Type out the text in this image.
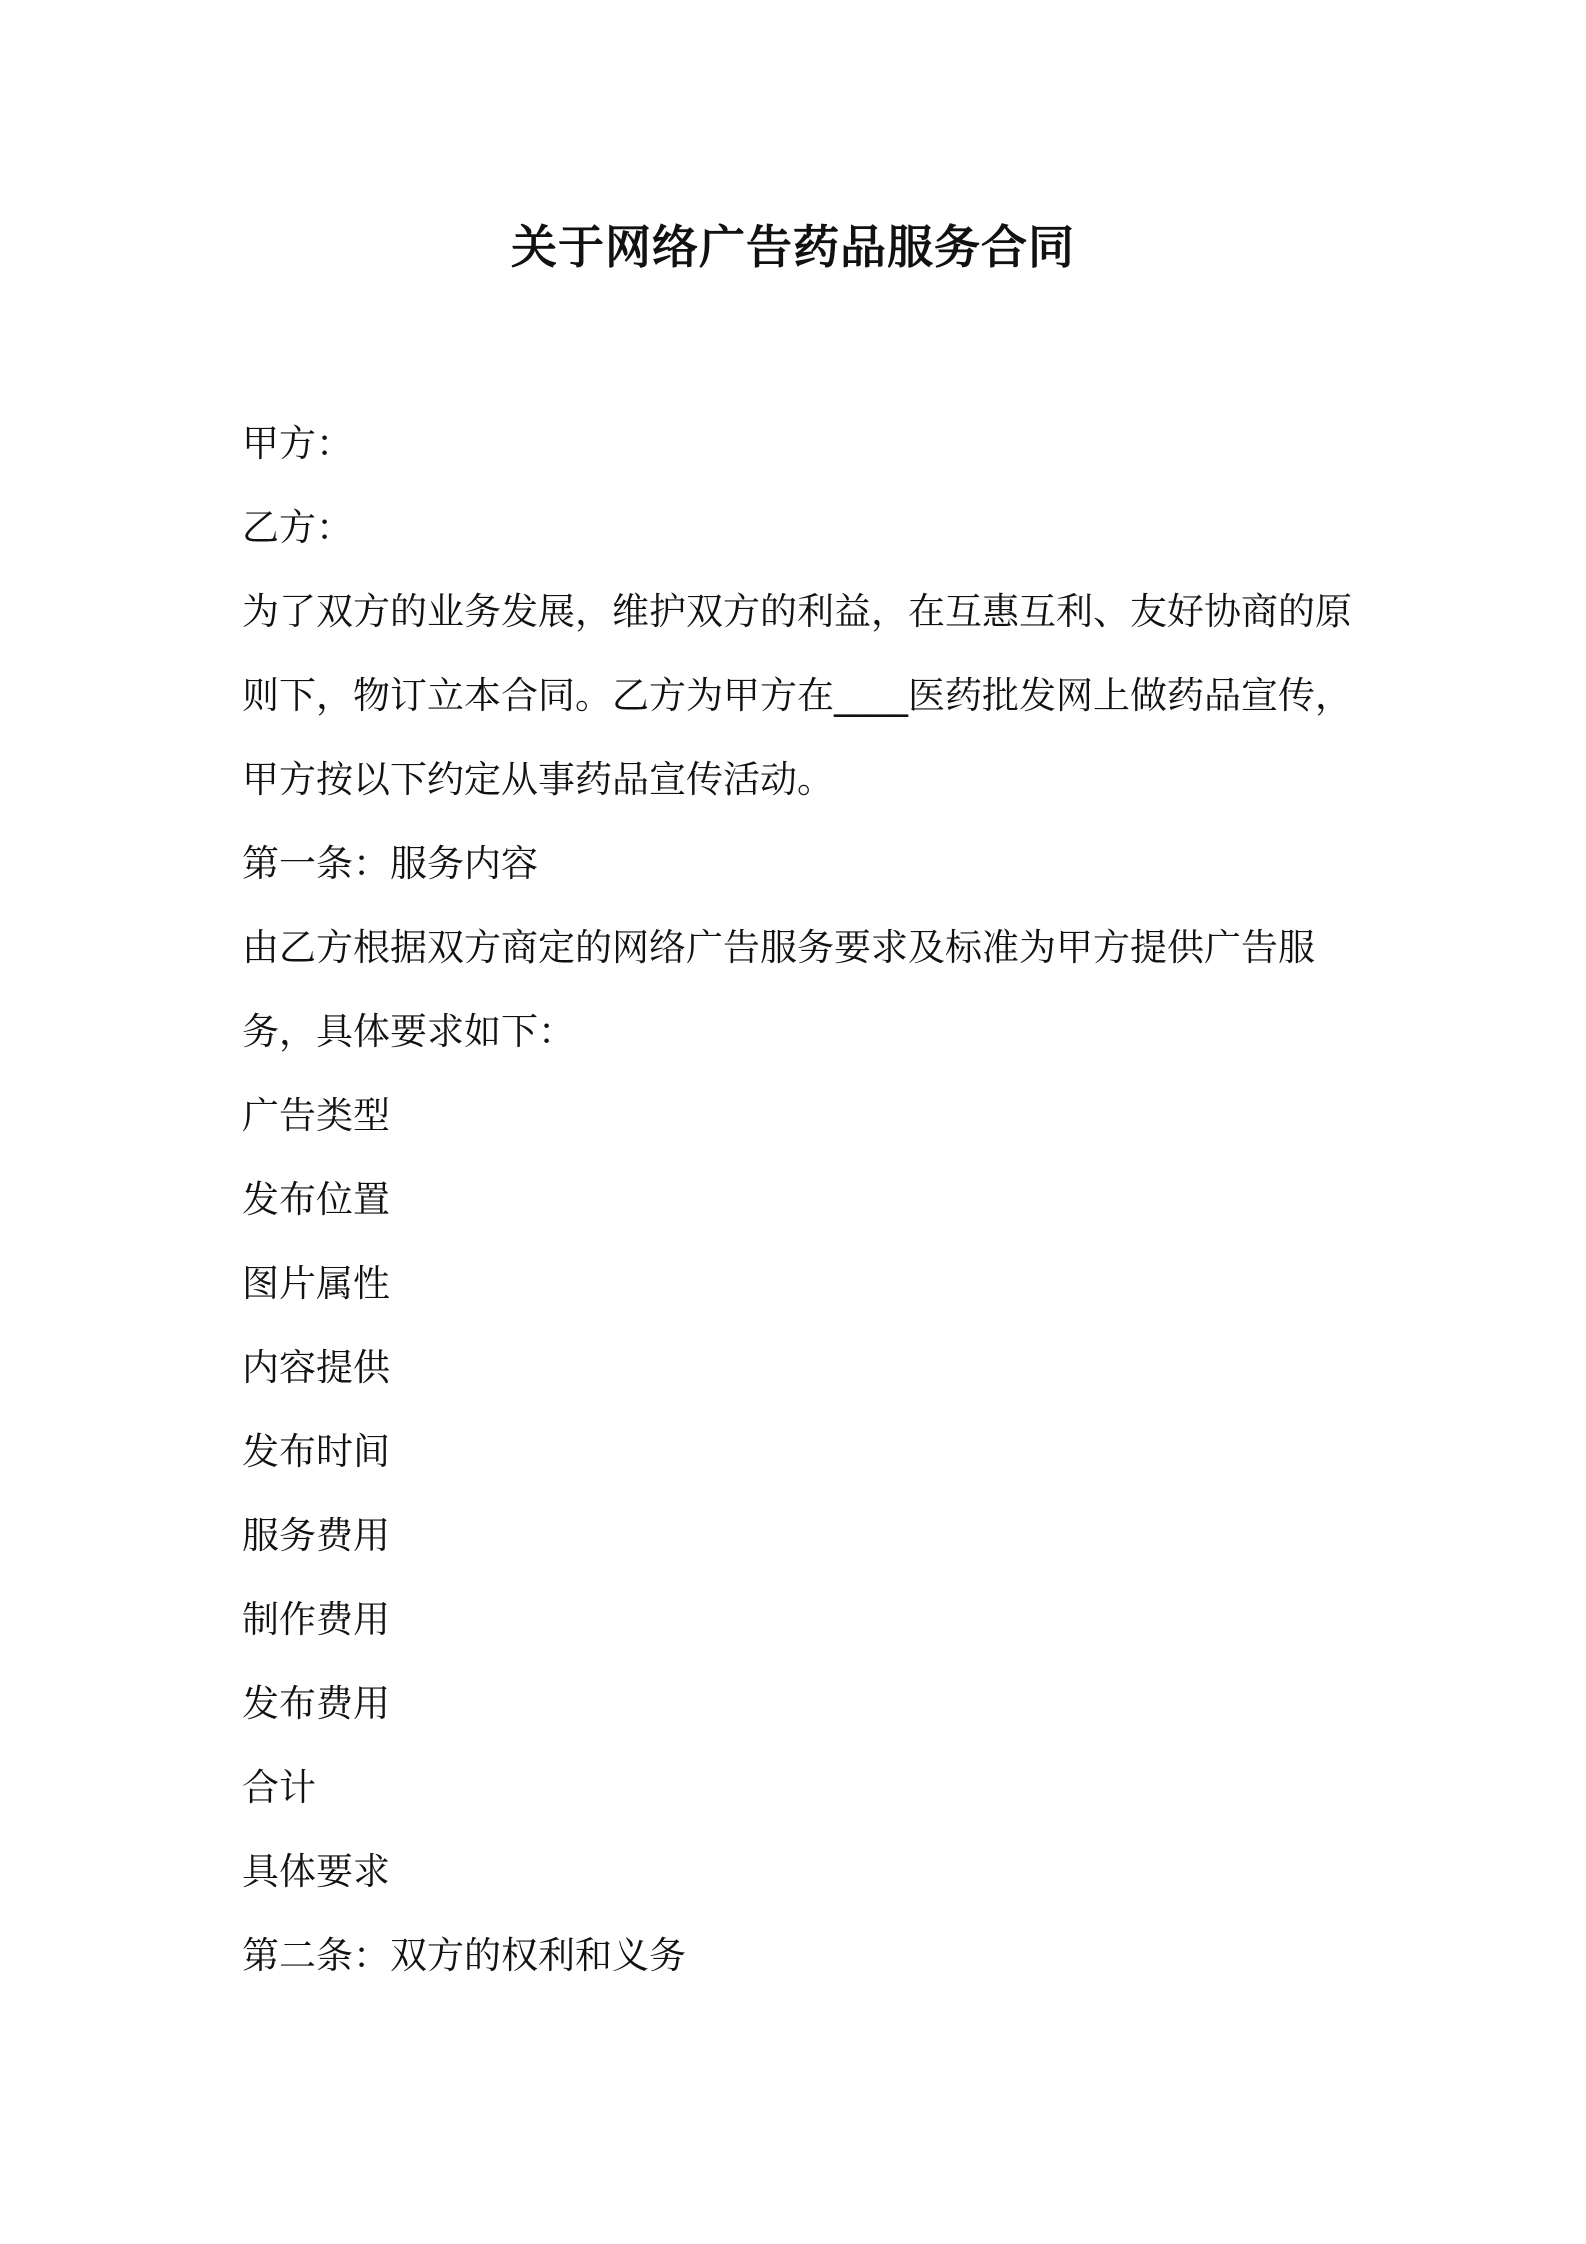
关于网络广告药品服务合同
甲方：
乙方：
为了双方的业务发展，维护双方的利益，在互惠互利、友好协商的原
则下，物订立本合同。乙方为甲方在____医药批发网上做药品宣传，
甲方按以下约定从事药品宣传活动。
第一条：服务内容
由乙方根据双方商定的网络广告服务要求及标准为甲方提供广告服
务，具体要求如下：
广告类型
发布位置
图片属性
内容提供
发布时间
服务费用
制作费用
发布费用
合计
具体要求
第二条：双方的权利和义务
